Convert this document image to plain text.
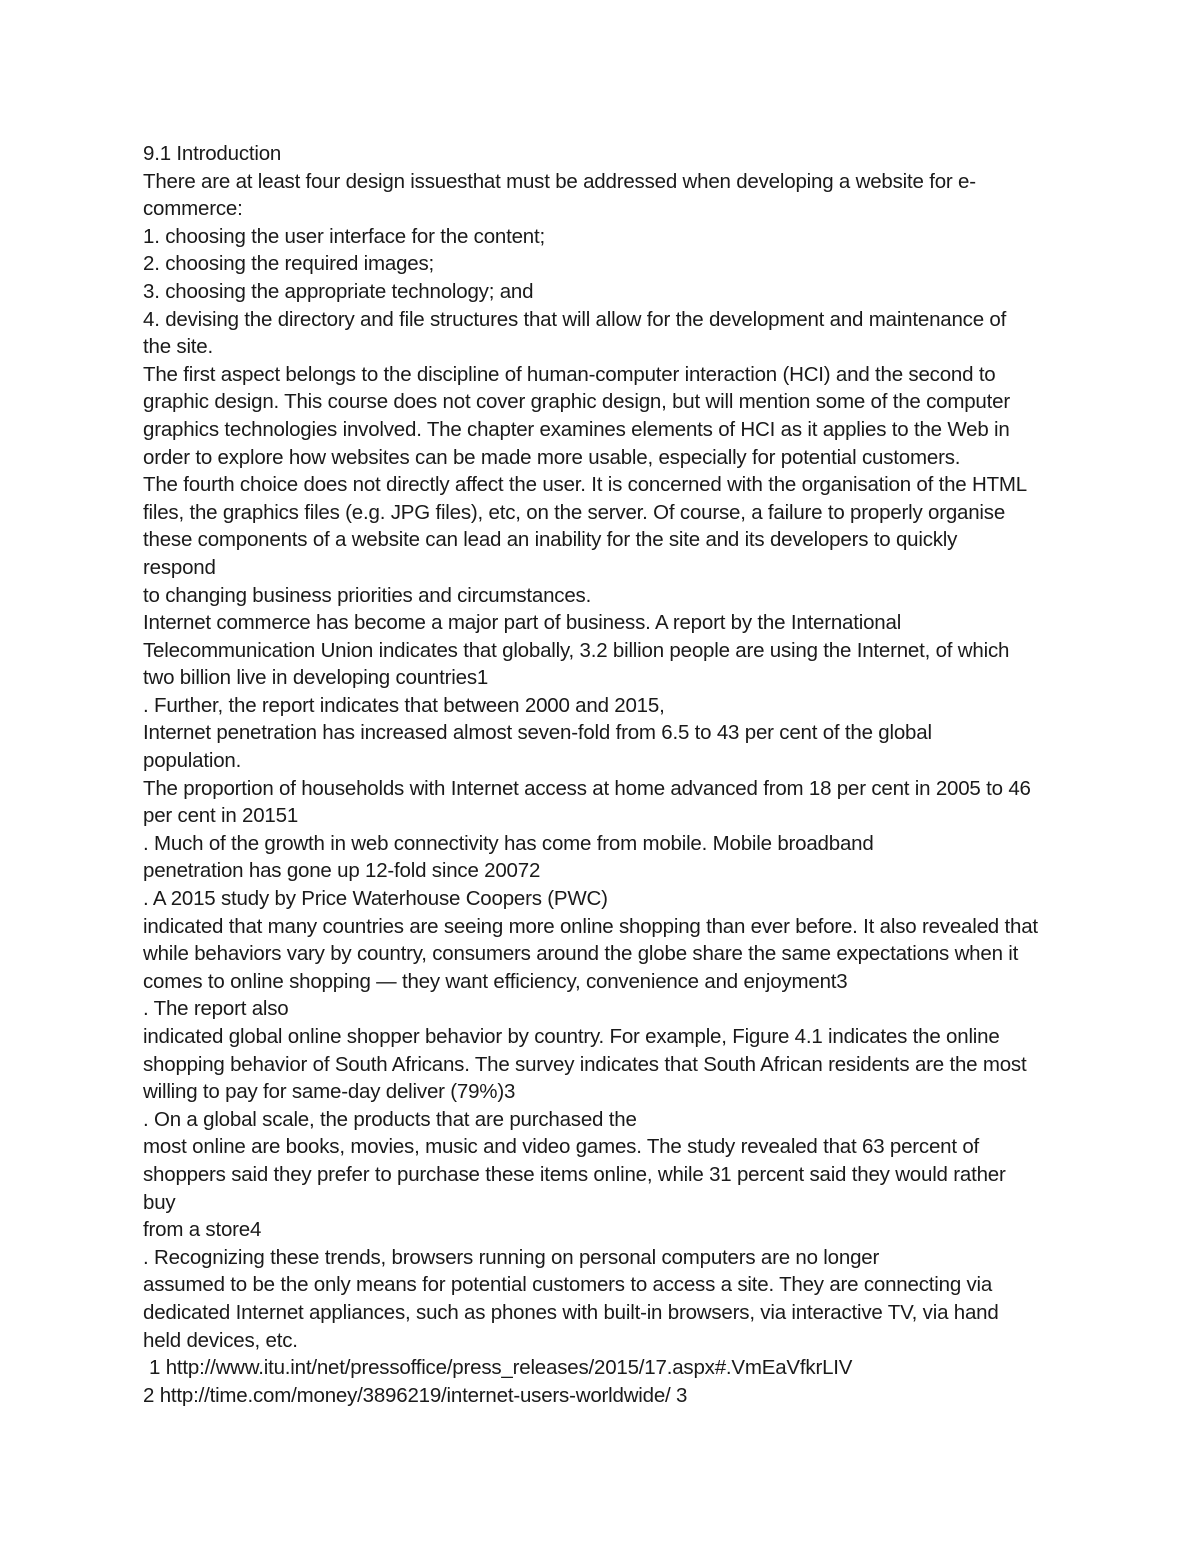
9.1 Introduction
There are at least four design issuesthat must be addressed when developing a website for e-
commerce:
1. choosing the user interface for the content;
2. choosing the required images;
3. choosing the appropriate technology; and
4. devising the directory and file structures that will allow for the development and maintenance of
the site.
The first aspect belongs to the discipline of human-computer interaction (HCI) and the second to
graphic design. This course does not cover graphic design, but will mention some of the computer
graphics technologies involved. The chapter examines elements of HCI as it applies to the Web in
order to explore how websites can be made more usable, especially for potential customers.
The fourth choice does not directly affect the user. It is concerned with the organisation of the HTML
files, the graphics files (e.g. JPG files), etc, on the server. Of course, a failure to properly organise
these components of a website can lead an inability for the site and its developers to quickly
respond
to changing business priorities and circumstances.
Internet commerce has become a major part of business. A report by the International
Telecommunication Union indicates that globally, 3.2 billion people are using the Internet, of which
two billion live in developing countries1
. Further, the report indicates that between 2000 and 2015,
Internet penetration has increased almost seven-fold from 6.5 to 43 per cent of the global
population.
The proportion of households with Internet access at home advanced from 18 per cent in 2005 to 46
per cent in 20151
. Much of the growth in web connectivity has come from mobile. Mobile broadband
penetration has gone up 12-fold since 20072
. A 2015 study by Price Waterhouse Coopers (PWC)
indicated that many countries are seeing more online shopping than ever before. It also revealed that
while behaviors vary by country, consumers around the globe share the same expectations when it
comes to online shopping — they want efficiency, convenience and enjoyment3
. The report also
indicated global online shopper behavior by country. For example, Figure 4.1 indicates the online
shopping behavior of South Africans. The survey indicates that South African residents are the most
willing to pay for same-day deliver (79%)3
. On a global scale, the products that are purchased the
most online are books, movies, music and video games. The study revealed that 63 percent of
shoppers said they prefer to purchase these items online, while 31 percent said they would rather
buy
from a store4
. Recognizing these trends, browsers running on personal computers are no longer
assumed to be the only means for potential customers to access a site. They are connecting via
dedicated Internet appliances, such as phones with built-in browsers, via interactive TV, via hand
held devices, etc.
1 http://www.itu.int/net/pressoffice/press_releases/2015/17.aspx#.VmEaVfkrLIV
2 http://time.com/money/3896219/internet-users-worldwide/ 3
